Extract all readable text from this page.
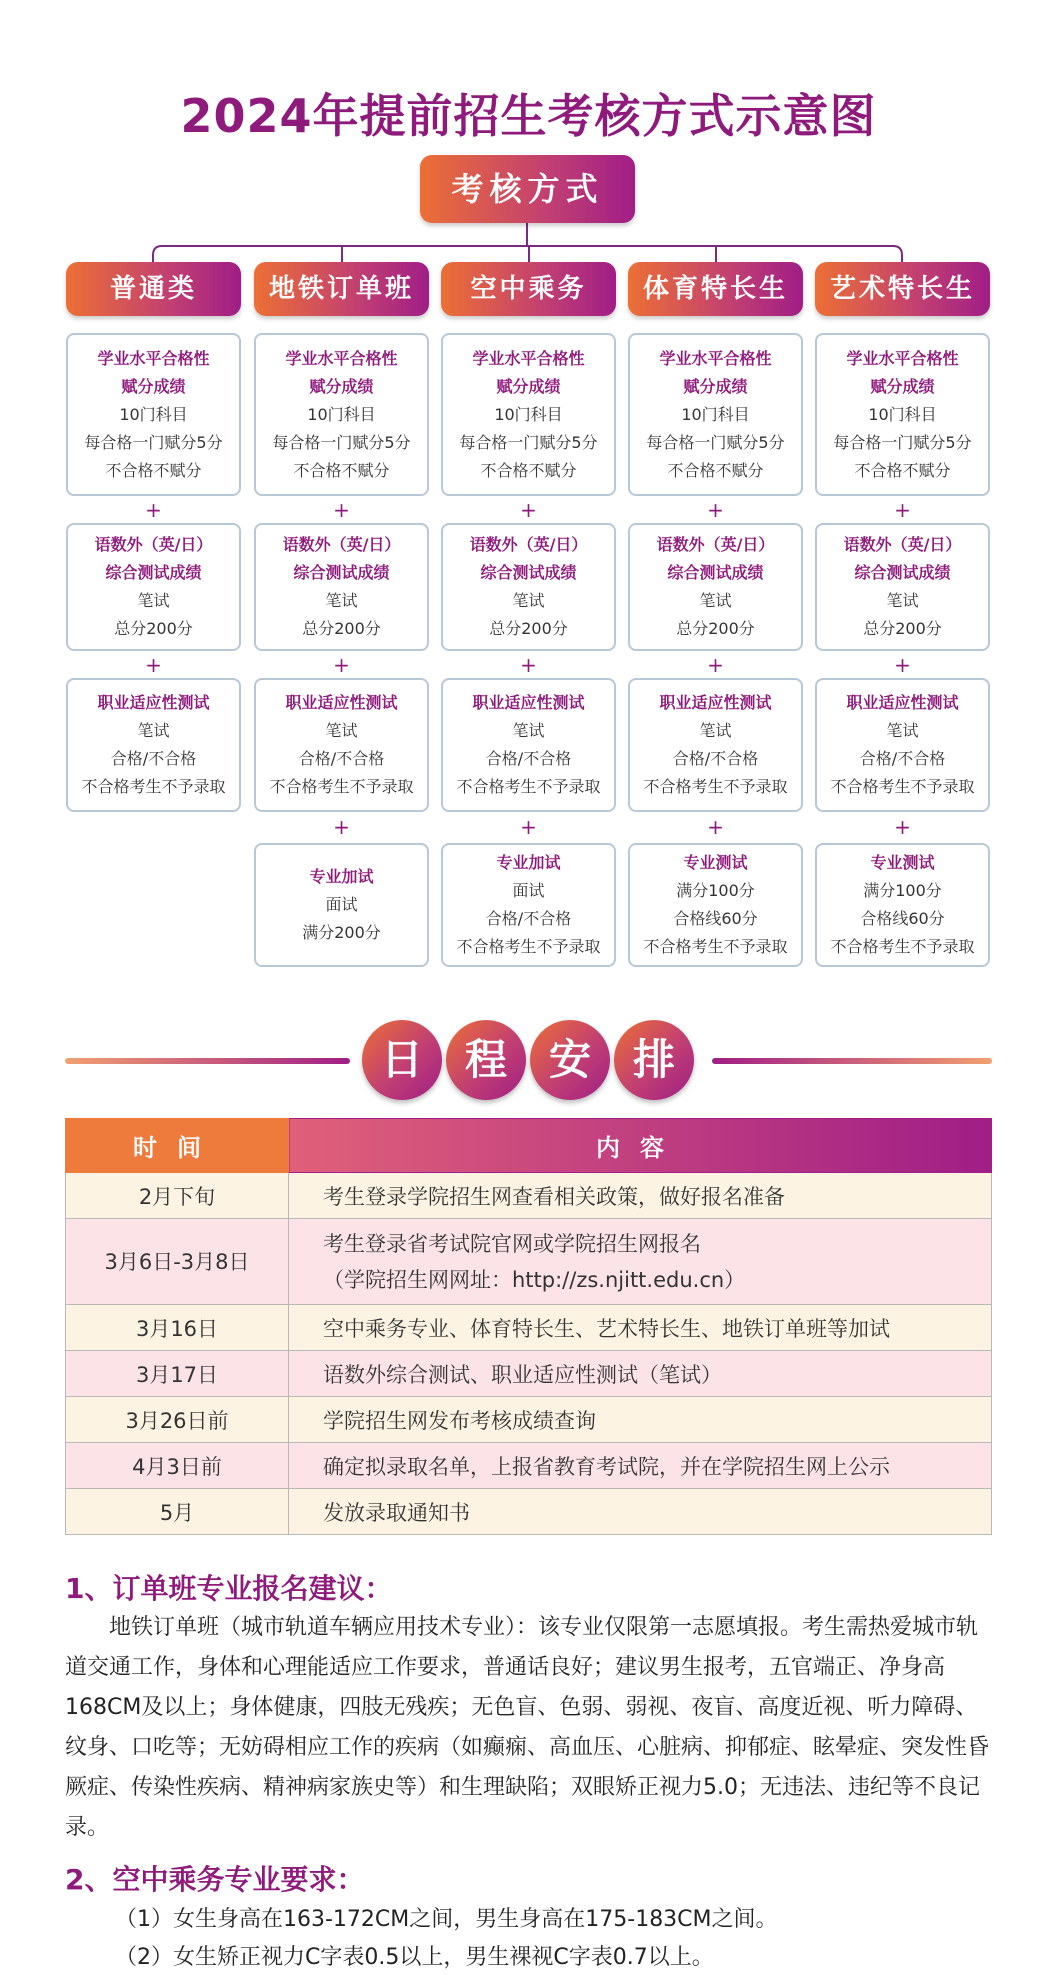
2024年提前招生考核方式示意图
考核方式
普通类	地铁订单班	空中乘务	体育特长生	艺术特长生
学业水平合格性
赋分成绩
10门科目
每合格一门赋分5分
不合格不赋分
学业水平合格性
赋分成绩
10门科目
每合格一门赋分5分
不合格不赋分
学业水平合格性
赋分成绩
10门科目
每合格一门赋分5分
不合格不赋分
学业水平合格性
赋分成绩
10门科目
每合格一门赋分5分
不合格不赋分
学业水平合格性
赋分成绩
10门科目
每合格一门赋分5分
不合格不赋分
+	+	+	+	+
语数外（英/日）
综合测试成绩
笔试
总分200分
语数外（英/日）
综合测试成绩
笔试
总分200分
语数外（英/日）
综合测试成绩
笔试
总分200分
语数外（英/日）
综合测试成绩
笔试
总分200分
语数外（英/日）
综合测试成绩
笔试
总分200分
+	+	+	+	+
职业适应性测试
笔试
合格/不合格
不合格考生不予录取
职业适应性测试
笔试
合格/不合格
不合格考生不予录取
职业适应性测试
笔试
合格/不合格
不合格考生不予录取
职业适应性测试
笔试
合格/不合格
不合格考生不予录取
职业适应性测试
笔试
合格/不合格
不合格考生不予录取
+	+	+	+
专业加试
面试
满分200分
专业加试
面试
合格/不合格
不合格考生不予录取
专业测试
满分100分
合格线60分
不合格考生不予录取
专业测试
满分100分
合格线60分
不合格考生不予录取
日 程 安 排
时间	内容
2月下旬	考生登录学院招生网查看相关政策，做好报名准备
3月6日-3月8日	考生登录省考试院官网或学院招生网报名
（学院招生网网址：http://zs.njitt.edu.cn）

3月16日	空中乘务专业、体育特长生、艺术特长生、地铁订单班等加试
3月17日	语数外综合测试、职业适应性测试（笔试）
3月26日前	学院招生网发布考核成绩查询
4月3日前	确定拟录取名单，上报省教育考试院，并在学院招生网上公示
5月	发放录取通知书
1、订单班专业报名建议：
地铁订单班（城市轨道车辆应用技术专业）：该专业仅限第一志愿填报。考生需热爱城市轨道交通工作，身体和心理能适应工作要求，普通话良好；建议男生报考，五官端正、净身高168CM及以上；身体健康，四肢无残疾；无色盲、色弱、弱视、夜盲、高度近视、听力障碍、纹身、口吃等；无妨碍相应工作的疾病（如癫痫、高血压、心脏病、抑郁症、眩晕症、突发性昏厥症、传染性疾病、精神病家族史等）和生理缺陷；双眼矫正视力5.0；无违法、违纪等不良记录。
2、空中乘务专业要求：
（1）女生身高在163-172CM之间，男生身高在175-183CM之间。
（2）女生矫正视力C字表0.5以上，男生裸视C字表0.7以上。
